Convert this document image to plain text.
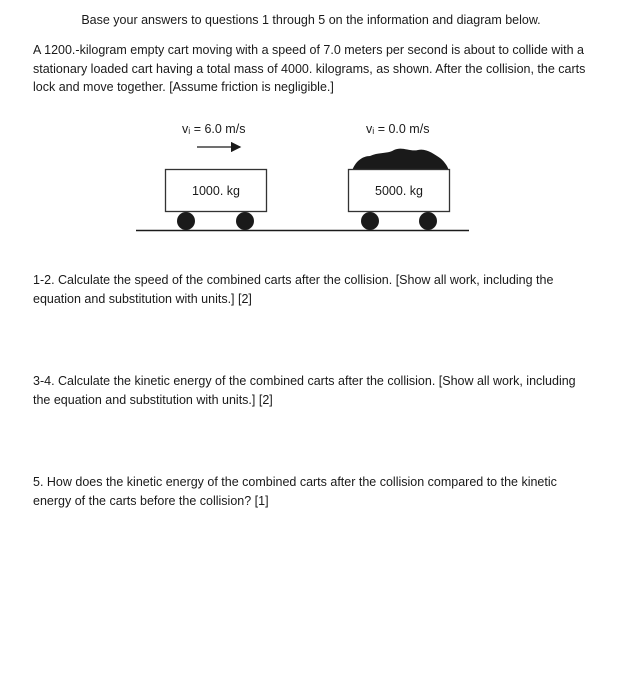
Base your answers to questions 1 through 5 on the information and diagram below.
A 1200.-kilogram empty cart moving with a speed of 7.0 meters per second is about to collide with a stationary loaded cart having a total mass of 4000. kilograms, as shown. After the collision, the carts lock and move together. [Assume friction is negligible.]
vᵢ = 6.0 m/s	vᵢ = 0.0 m/s
1000. kg	5000. kg
1-2. Calculate the speed of the combined carts after the collision. [Show all work, including the equation and substitution with units.] [2]
3-4. Calculate the kinetic energy of the combined carts after the collision. [Show all work, including the equation and substitution with units.] [2]
5. How does the kinetic energy of the combined carts after the collision compared to the kinetic energy of the carts before the collision? [1]
